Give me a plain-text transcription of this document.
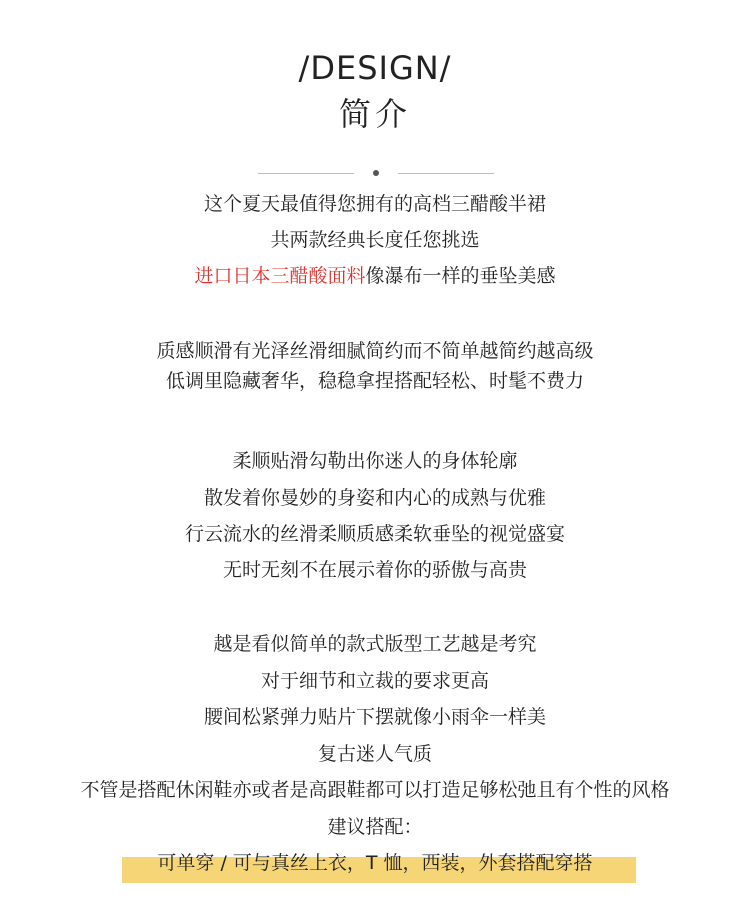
/DESIGN/
简介
这个夏天最值得您拥有的高档三醋酸半裙
共两款经典长度任您挑选
进口日本三醋酸面料像瀑布一样的垂坠美感
质感顺滑有光泽丝滑细腻简约而不简单越简约越高级
低调里隐藏奢华，稳稳拿捏搭配轻松、时髦不费力
柔顺贴滑勾勒出你迷人的身体轮廓
散发着你曼妙的身姿和内心的成熟与优雅
行云流水的丝滑柔顺质感柔软垂坠的视觉盛宴
无时无刻不在展示着你的骄傲与高贵
越是看似简单的款式版型工艺越是考究
对于细节和立裁的要求更高
腰间松紧弹力贴片下摆就像小雨伞一样美
复古迷人气质
不管是搭配休闲鞋亦或者是高跟鞋都可以打造足够松弛且有个性的风格
建议搭配：
可单穿 / 可与真丝上衣，T 恤，西装，外套搭配穿搭
